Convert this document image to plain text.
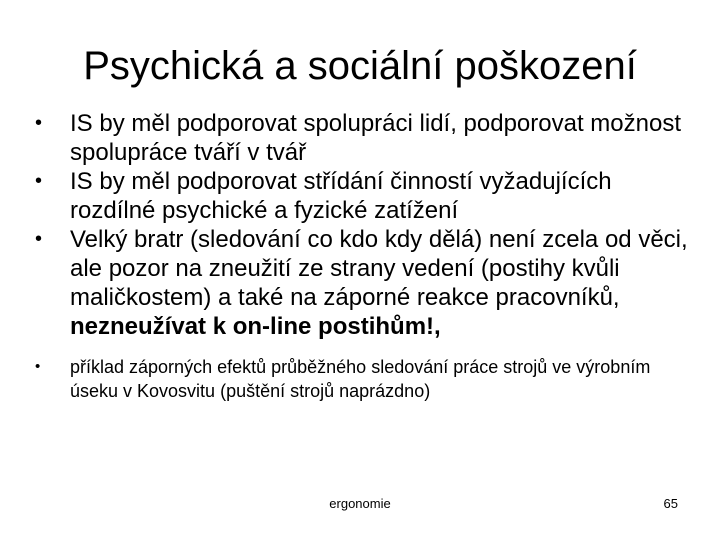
Psychická a sociální poškození
• IS by měl podporovat spolupráci lidí, podporovat možnost spolupráce tváří v tvář
• IS by měl podporovat střídání činností vyžadujících rozdílné psychické a fyzické zatížení
• Velký bratr (sledování co kdo kdy dělá) není zcela od věci, ale pozor na zneužití ze strany vedení (postihy kvůli maličkostem) a také na záporné reakce pracovníků, nezneužívat k on-line postihům!,
• příklad záporných efektů průběžného sledování práce strojů ve výrobním úseku v Kovosvitu (puštění strojů naprázdno)
ergonomie	65
